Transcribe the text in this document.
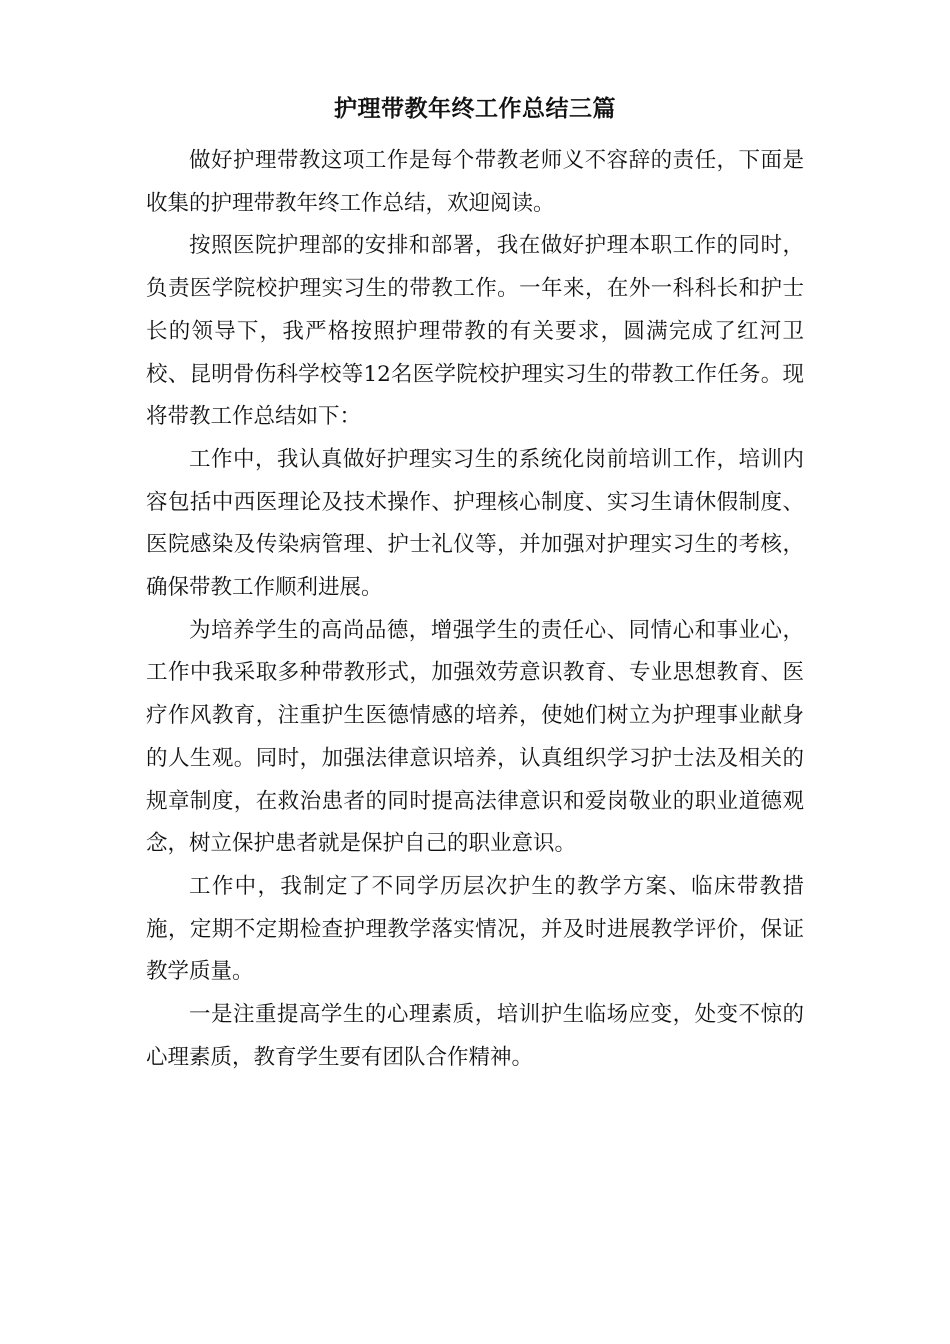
护理带教年终工作总结三篇

做好护理带教这项工作是每个带教老师义不容辞的责任，下面是收集的护理带教年终工作总结，欢迎阅读。

按照医院护理部的安排和部署，我在做好护理本职工作的同时，负责医学院校护理实习生的带教工作。一年来，在外一科科长和护士长的领导下，我严格按照护理带教的有关要求，圆满完成了红河卫校、昆明骨伤科学校等12名医学院校护理实习生的带教工作任务。现将带教工作总结如下：

工作中，我认真做好护理实习生的系统化岗前培训工作，培训内容包括中西医理论及技术操作、护理核心制度、实习生请休假制度、医院感染及传染病管理、护士礼仪等，并加强对护理实习生的考核，确保带教工作顺利进展。

为培养学生的高尚品德，增强学生的责任心、同情心和事业心，工作中我采取多种带教形式，加强效劳意识教育、专业思想教育、医疗作风教育，注重护生医德情感的培养，使她们树立为护理事业献身的人生观。同时，加强法律意识培养，认真组织学习护士法及相关的规章制度，在救治患者的同时提高法律意识和爱岗敬业的职业道德观念，树立保护患者就是保护自己的职业意识。

工作中，我制定了不同学历层次护生的教学方案、临床带教措施，定期不定期检查护理教学落实情况，并及时进展教学评价，保证教学质量。

一是注重提高学生的心理素质，培训护生临场应变，处变不惊的心理素质，教育学生要有团队合作精神。
